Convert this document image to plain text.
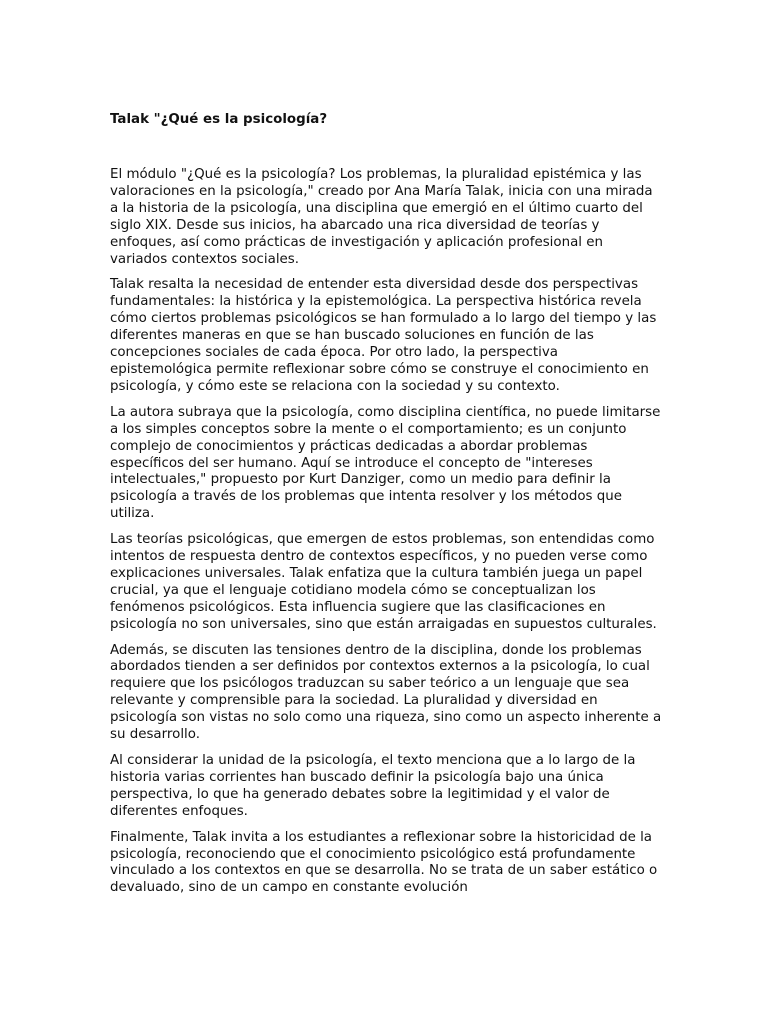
Talak "¿Qué es la psicología?

El módulo "¿Qué es la psicología? Los problemas, la pluralidad epistémica y las valoraciones en la psicología," creado por Ana María Talak, inicia con una mirada a la historia de la psicología, una disciplina que emergió en el último cuarto del siglo XIX. Desde sus inicios, ha abarcado una rica diversidad de teorías y enfoques, así como prácticas de investigación y aplicación profesional en variados contextos sociales.

Talak resalta la necesidad de entender esta diversidad desde dos perspectivas fundamentales: la histórica y la epistemológica. La perspectiva histórica revela cómo ciertos problemas psicológicos se han formulado a lo largo del tiempo y las diferentes maneras en que se han buscado soluciones en función de las concepciones sociales de cada época. Por otro lado, la perspectiva epistemológica permite reflexionar sobre cómo se construye el conocimiento en psicología, y cómo este se relaciona con la sociedad y su contexto.

La autora subraya que la psicología, como disciplina científica, no puede limitarse a los simples conceptos sobre la mente o el comportamiento; es un conjunto complejo de conocimientos y prácticas dedicadas a abordar problemas específicos del ser humano. Aquí se introduce el concepto de "intereses intelectuales," propuesto por Kurt Danziger, como un medio para definir la psicología a través de los problemas que intenta resolver y los métodos que utiliza.

Las teorías psicológicas, que emergen de estos problemas, son entendidas como intentos de respuesta dentro de contextos específicos, y no pueden verse como explicaciones universales. Talak enfatiza que la cultura también juega un papel crucial, ya que el lenguaje cotidiano modela cómo se conceptualizan los fenómenos psicológicos. Esta influencia sugiere que las clasificaciones en psicología no son universales, sino que están arraigadas en supuestos culturales.

Además, se discuten las tensiones dentro de la disciplina, donde los problemas abordados tienden a ser definidos por contextos externos a la psicología, lo cual requiere que los psicólogos traduzcan su saber teórico a un lenguaje que sea relevante y comprensible para la sociedad. La pluralidad y diversidad en psicología son vistas no solo como una riqueza, sino como un aspecto inherente a su desarrollo.

Al considerar la unidad de la psicología, el texto menciona que a lo largo de la historia varias corrientes han buscado definir la psicología bajo una única perspectiva, lo que ha generado debates sobre la legitimidad y el valor de diferentes enfoques.

Finalmente, Talak invita a los estudiantes a reflexionar sobre la historicidad de la psicología, reconociendo que el conocimiento psicológico está profundamente vinculado a los contextos en que se desarrolla. No se trata de un saber estático o devaluado, sino de un campo en constante evolución
